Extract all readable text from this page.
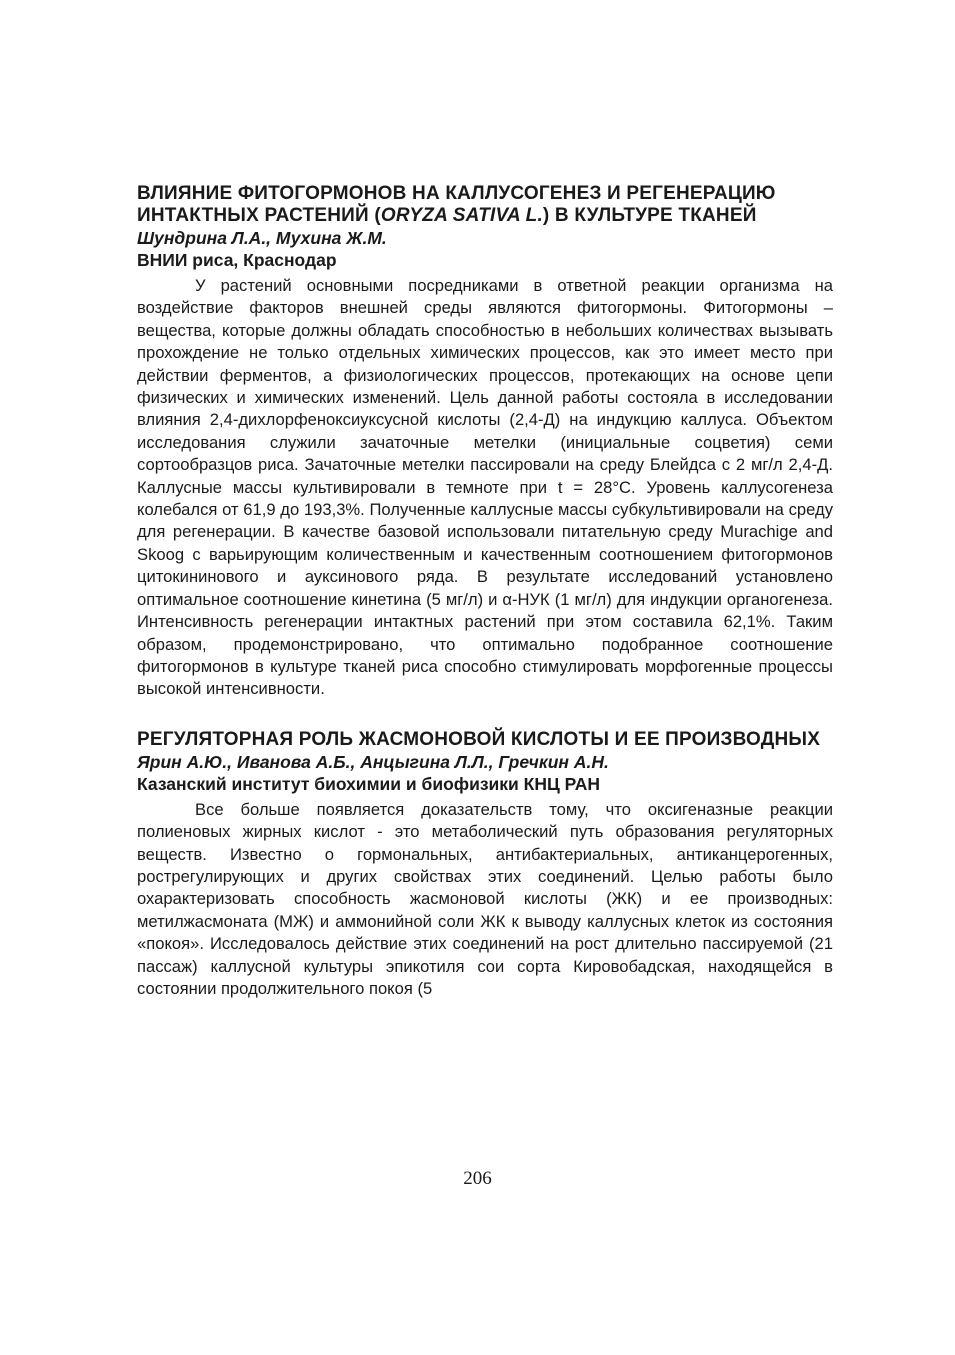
ВЛИЯНИЕ ФИТОГОРМОНОВ НА КАЛЛУСОГЕНЕЗ И РЕГЕНЕРАЦИЮ ИНТАКТНЫХ РАСТЕНИЙ (ORYZA SATIVA L.) В КУЛЬТУРЕ ТКАНЕЙ

Шундрина Л.А., Мухина Ж.М.

ВНИИ риса, Краснодар

У растений основными посредниками в ответной реакции организма на воздействие факторов внешней среды являются фитогормоны. Фитогормоны – вещества, которые должны обладать способностью в небольших количествах вызывать прохождение не только отдельных химических процессов, как это имеет место при действии ферментов, а физиологических процессов, протекающих на основе цепи физических и химических изменений. Цель данной работы состояла в исследовании влияния 2,4-дихлорфеноксиуксусной кислоты (2,4-Д) на индукцию каллуса. Объектом исследования служили зачаточные метелки (инициальные соцветия) семи сортообразцов риса. Зачаточные метелки пассировали на среду Блейдса с 2 мг/л 2,4-Д. Каллусные массы культивировали в темноте при t = 28°С. Уровень каллусогенеза колебался от 61,9 до 193,3%. Полученные каллусные массы субкультивировали на среду для регенерации. В качестве базовой использовали питательную среду Murachige and Skoog с варьирующим количественным и качественным соотношением фитогормонов цитокининового и ауксинового ряда. В результате исследований установлено оптимальное соотношение кинетина (5 мг/л) и α-НУК (1 мг/л) для индукции органогенеза. Интенсивность регенерации интактных растений при этом составила 62,1%. Таким образом, продемонстрировано, что оптимально подобранное соотношение фитогормонов в культуре тканей риса способно стимулировать морфогенные процессы высокой интенсивности.

РЕГУЛЯТОРНАЯ РОЛЬ ЖАСМОНОВОЙ КИСЛОТЫ И ЕЕ ПРОИЗВОДНЫХ

Ярин А.Ю., Иванова А.Б., Анцыгина Л.Л., Гречкин А.Н.

Казанский институт биохимии и биофизики КНЦ РАН

Все больше появляется доказательств тому, что оксигеназные реакции полиеновых жирных кислот - это метаболический путь образования регуляторных веществ. Известно о гормональных, антибактериальных, антиканцерогенных, рострегулирующих и других свойствах этих соединений. Целью работы было охарактеризовать способность жасмоновой кислоты (ЖК) и ее производных: метилжасмоната (МЖ) и аммонийной соли ЖК к выводу каллусных клеток из состояния «покоя». Исследовалось действие этих соединений на рост длительно пассируемой (21 пассаж) каллусной культуры эпикотиля сои сорта Кировобадская, находящейся в состоянии продолжительного покоя (5

206
